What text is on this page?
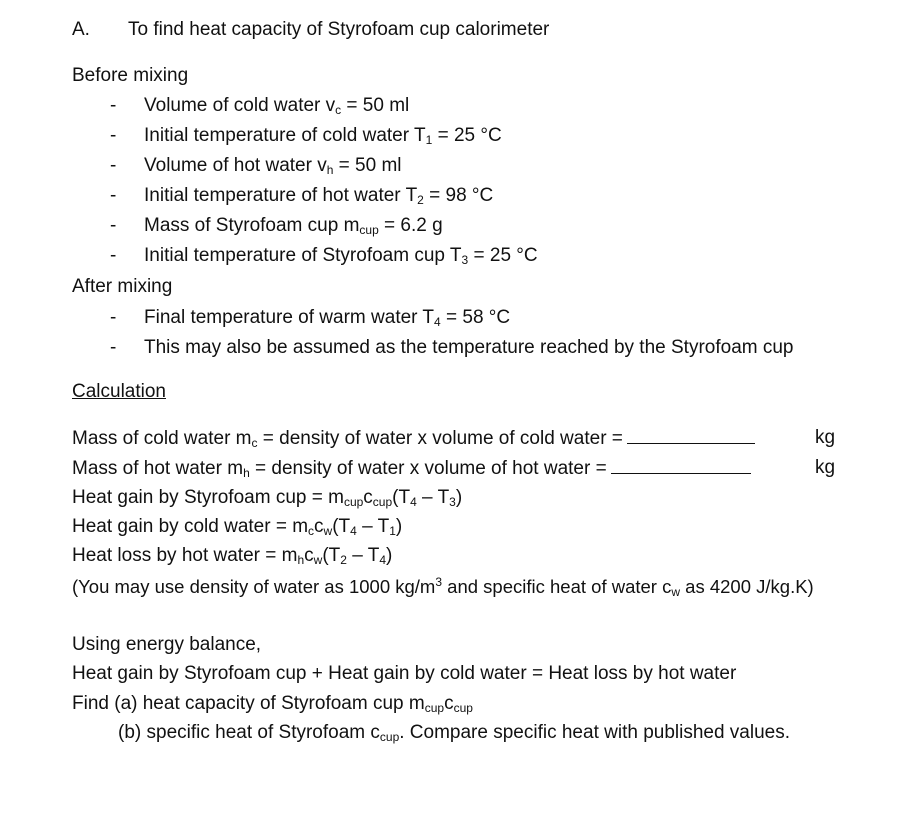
A. To find heat capacity of Styrofoam cup calorimeter
Before mixing
- Volume of cold water $v_c = 50$ ml
- Initial temperature of cold water $T_1 = 25$ °C
- Volume of hot water $v_h = 50$ ml
- Initial temperature of hot water $T_2 = 98$ °C
- Mass of Styrofoam cup $m_{cup} = 6.2$ g
- Initial temperature of Styrofoam cup $T_3 = 25$ °C
After mixing
- Final temperature of warm water $T_4 = 58$ °C
- This may also be assumed as the temperature reached by the Styrofoam cup
Calculation
Mass of cold water $m_c$ = density of water x volume of cold water =	kg
Mass of hot water $m_h$ = density of water x volume of hot water =	kg
Heat gain by Styrofoam cup = $m_{cup}c_{cup}(T_4 - T_3)$
Heat gain by cold water = $m_cc_w(T_4 - T_1)$
Heat loss by hot water = $m_hc_w(T_2 - T_4)$
(You may use density of water as 1000 $kg/m^3$ and specific heat of water $c_w$ as 4200 J/kg.K)
Using energy balance,
Heat gain by Styrofoam cup + Heat gain by cold water = Heat loss by hot water
Find (a) heat capacity of Styrofoam cup $m_{cup}c_{cup}$
(b) specific heat of Styrofoam $c_{cup}$. Compare specific heat with published values.
